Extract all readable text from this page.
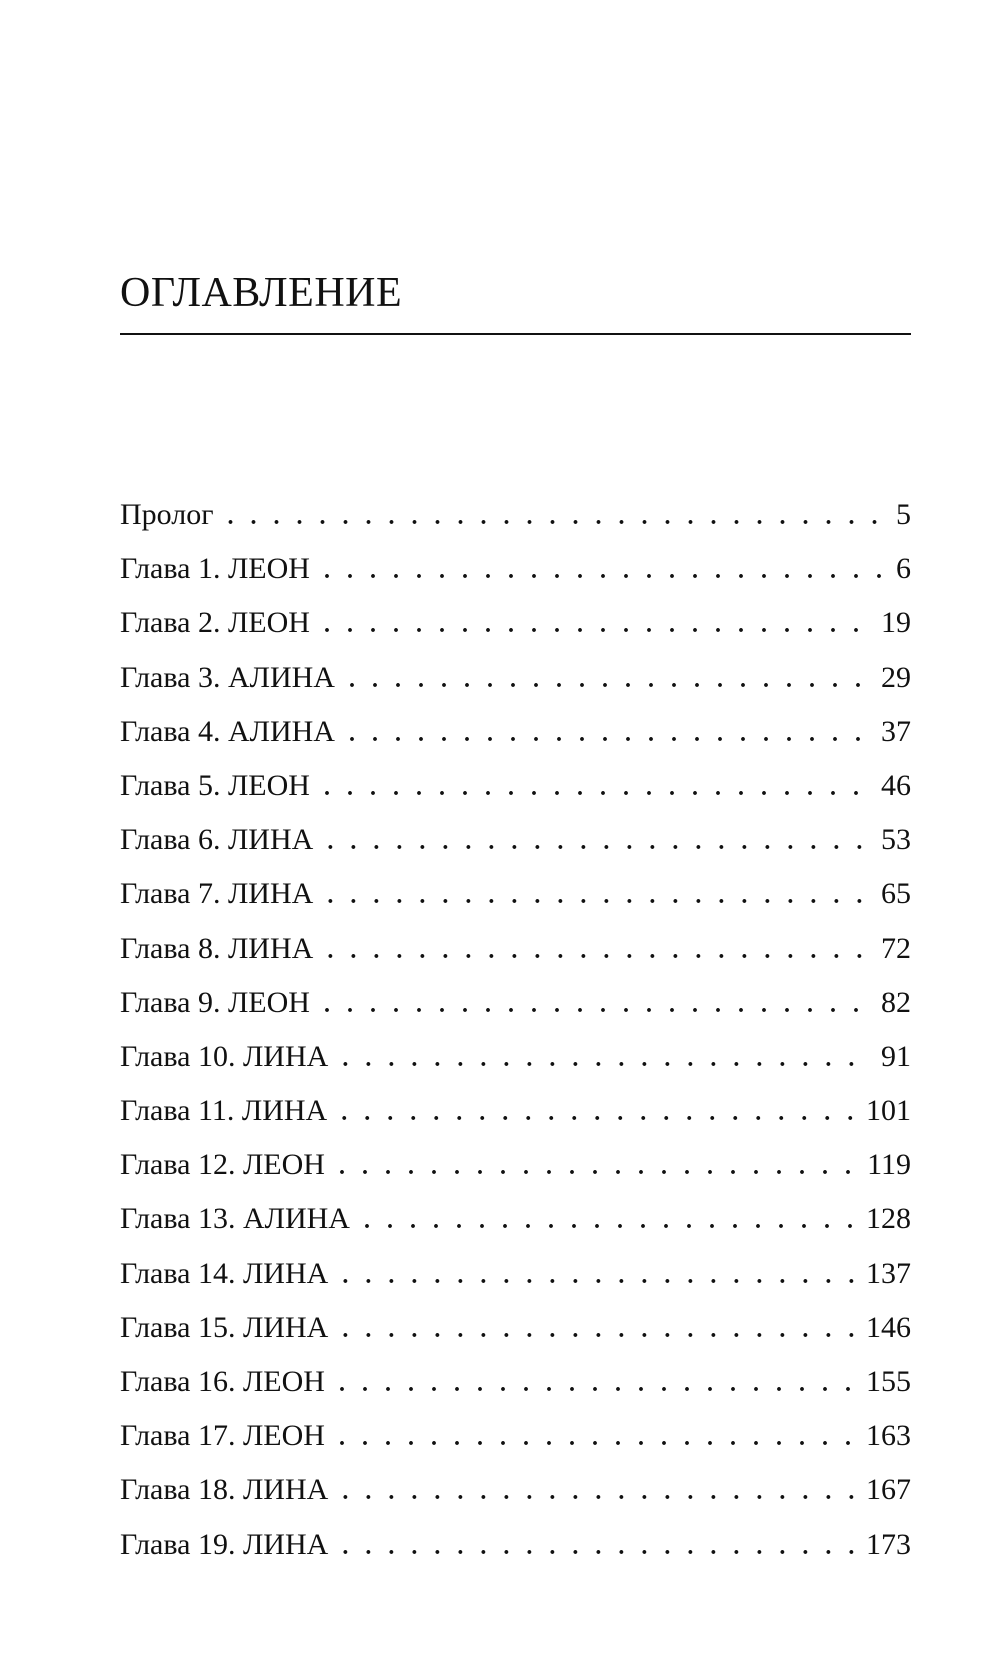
ОГЛАВЛЕНИЕ
Пролог . . .	5
Глава 1. ЛЕОН . . .	6
Глава 2. ЛЕОН . . .	19
Глава 3. АЛИНА . . .	29
Глава 4. АЛИНА . . .	37
Глава 5. ЛЕОН . . .	46
Глава 6. ЛИНА . . .	53
Глава 7. ЛИНА . . .	65
Глава 8. ЛИНА . . .	72
Глава 9. ЛЕОН . . .	82
Глава 10. ЛИНА . . .	91
Глава 11. ЛИНА . . .	101
Глава 12. ЛЕОН . . .	119
Глава 13. АЛИНА . . .	128
Глава 14. ЛИНА . . .	137
Глава 15. ЛИНА . . .	146
Глава 16. ЛЕОН . . .	155
Глава 17. ЛЕОН . . .	163
Глава 18. ЛИНА . . .	167
Глава 19. ЛИНА . . .	173
